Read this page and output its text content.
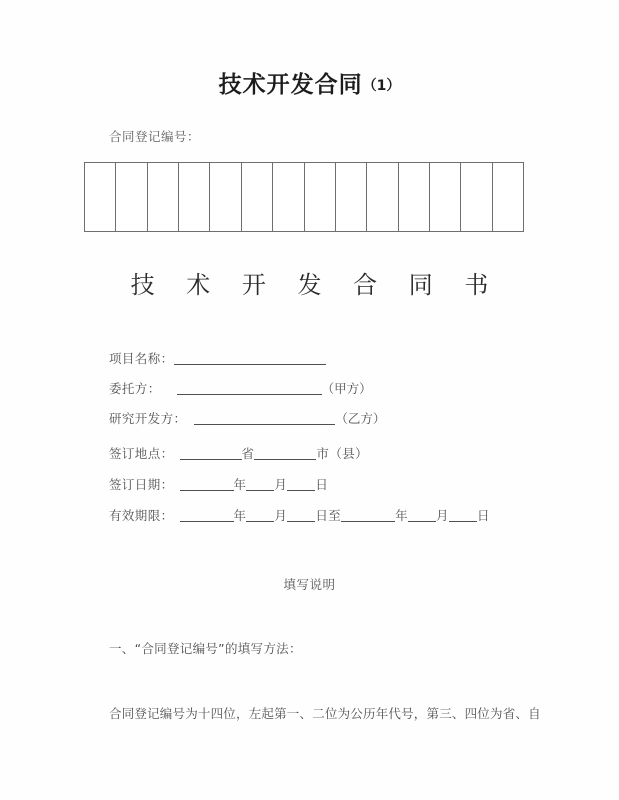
技术开发合同（1）
合同登记编号：
技 术 开 发 合 同 书
项目名称：
委托方：	（甲方）
研究开发方：	（乙方）
签订地点：	省	市（县）
签订日期：	年 月 日
有效期限：	年 月 日至	年 月 日
填写说明
一、“合同登记编号”的填写方法：
合同登记编号为十四位，左起第一、二位为公历年代号，第三、四位为省、自
